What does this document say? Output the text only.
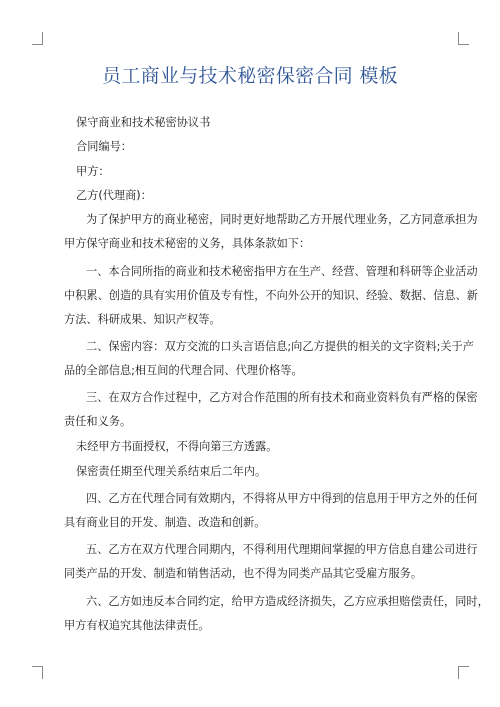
员工商业与技术秘密保密合同 模板
保守商业和技术秘密协议书
合同编号：
甲方：
乙方(代理商)：
为了保护甲方的商业秘密，同时更好地帮助乙方开展代理业务，乙方同意承担为
甲方保守商业和技术秘密的义务，具体条款如下：
一、本合同所指的商业和技术秘密指甲方在生产、经营、管理和科研等企业活动
中积累、创造的具有实用价值及专有性，不向外公开的知识、经验、数据、信息、新
方法、科研成果、知识产权等。
二、保密内容：双方交流的口头言语信息;向乙方提供的相关的文字资料;关于产
品的全部信息;相互间的代理合同、代理价格等。
三、在双方合作过程中，乙方对合作范围的所有技术和商业资料负有严格的保密
责任和义务。
未经甲方书面授权，不得向第三方透露。
保密责任期至代理关系结束后二年内。
四、乙方在代理合同有效期内，不得将从甲方中得到的信息用于甲方之外的任何
具有商业目的开发、制造、改造和创新。
五、乙方在双方代理合同期内，不得利用代理期间掌握的甲方信息自建公司进行
同类产品的开发、制造和销售活动，也不得为同类产品其它受雇方服务。
六、乙方如违反本合同约定，给甲方造成经济损失，乙方应承担赔偿责任，同时，
甲方有权追究其他法律责任。
